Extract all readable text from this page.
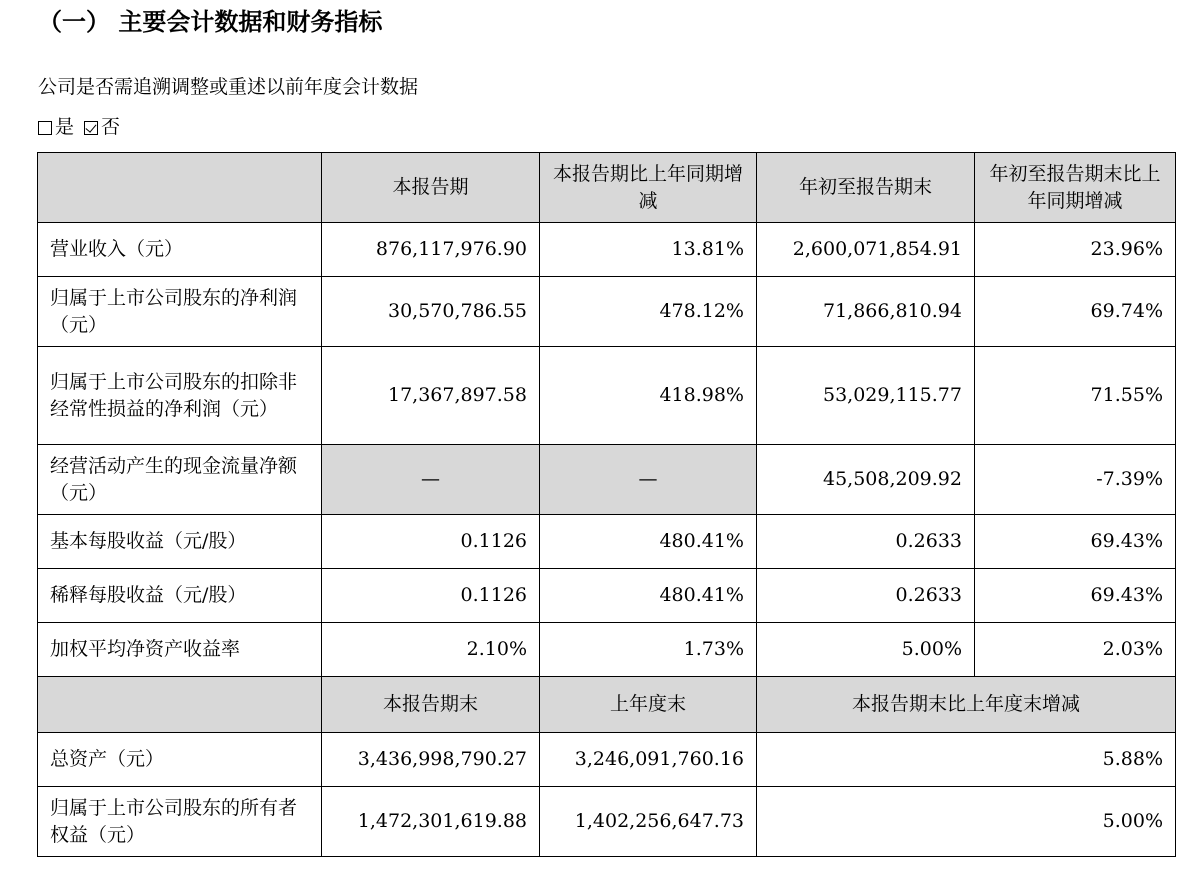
（一） 主要会计数据和财务指标
公司是否需追溯调整或重述以前年度会计数据
是 否
	本报告期	本报告期比上年同期增减	年初至报告期末	年初至报告期末比上年同期增减
营业收入（元）	876,117,976.90	13.81%	2,600,071,854.91	23.96%
归属于上市公司股东的净利润（元）	30,570,786.55	478.12%	71,866,810.94	69.74%
归属于上市公司股东的扣除非经常性损益的净利润（元）	17,367,897.58	418.98%	53,029,115.77	71.55%
经营活动产生的现金流量净额（元）	—	—	45,508,209.92	-7.39%
基本每股收益（元/股）	0.1126	480.41%	0.2633	69.43%
稀释每股收益（元/股）	0.1126	480.41%	0.2633	69.43%
加权平均净资产收益率	2.10%	1.73%	5.00%	2.03%
	本报告期末	上年度末	本报告期末比上年度末增减	
总资产（元）	3,436,998,790.27	3,246,091,760.16	5.88%	
归属于上市公司股东的所有者权益（元）	1,472,301,619.88	1,402,256,647.73	5.00%	
